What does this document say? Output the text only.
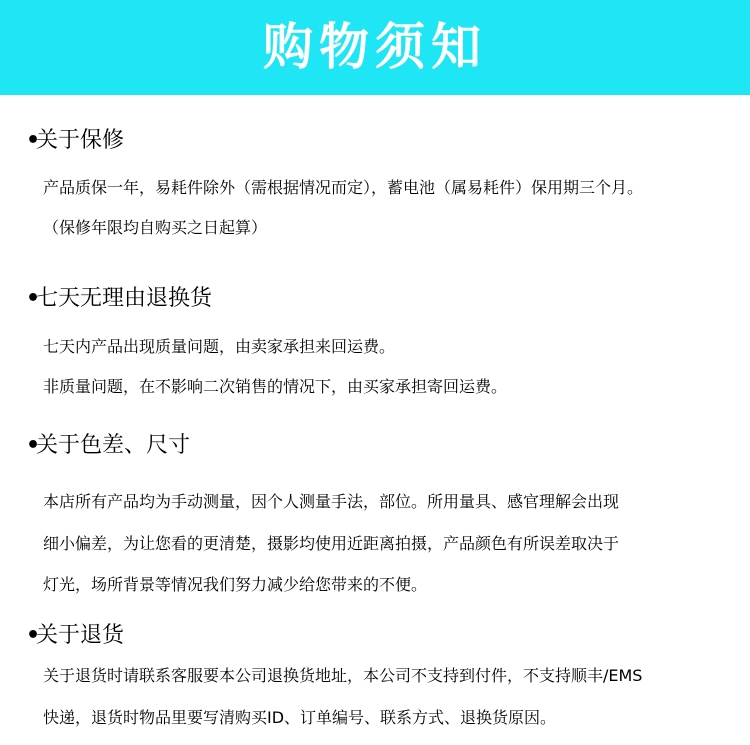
购物须知
•关于保修
产品质保一年，易耗件除外（需根据情况而定），蓄电池（属易耗件）保用期三个月。
（保修年限均自购买之日起算）
•七天无理由退换货
七天内产品出现质量问题，由卖家承担来回运费。
非质量问题，在不影响二次销售的情况下，由买家承担寄回运费。
•关于色差、尺寸
本店所有产品均为手动测量，因个人测量手法，部位。所用量具、感官理解会出现
细小偏差，为让您看的更清楚，摄影均使用近距离拍摄，产品颜色有所误差取决于
灯光，场所背景等情况我们努力减少给您带来的不便。
•关于退货
关于退货时请联系客服要本公司退换货地址，本公司不支持到付件，不支持顺丰/EMS
快递，退货时物品里要写清购买ID、订单编号、联系方式、退换货原因。
